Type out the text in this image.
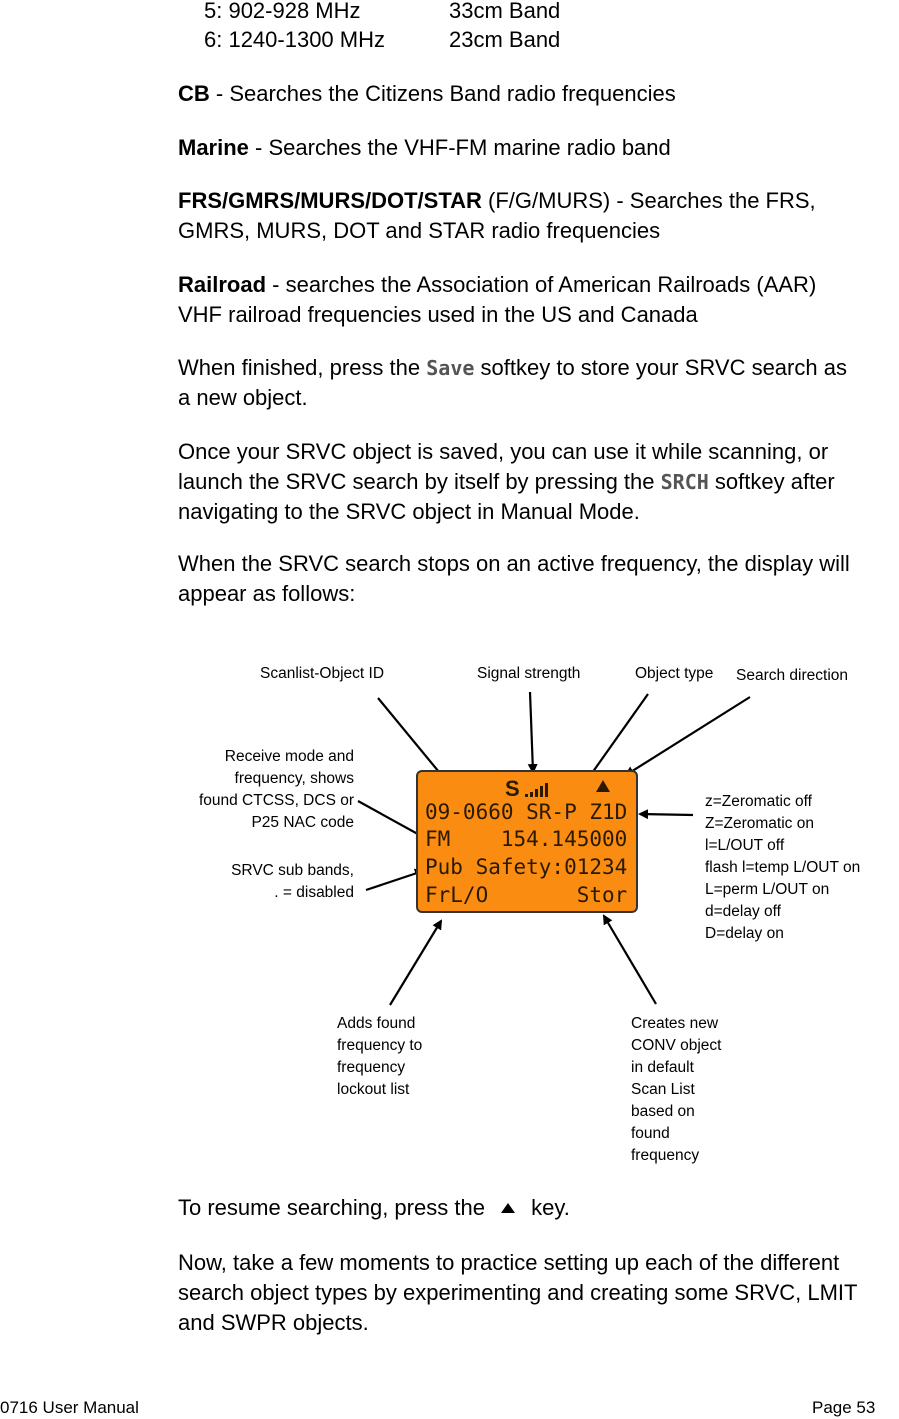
5: 902-928 MHz	33cm Band
6: 1240-1300 MHz	23cm Band
CB - Searches the Citizens Band radio frequencies
Marine - Searches the VHF-FM marine radio band
FRS/GMRS/MURS/DOT/STAR (F/G/MURS) - Searches the FRS, GMRS, MURS, DOT and STAR radio frequencies
Railroad - searches the Association of American Railroads (AAR) VHF railroad frequencies used in the US and Canada
When finished, press the Save softkey to store your SRVC search as a new object.
Once your SRVC object is saved, you can use it while scanning, or launch the SRVC search by itself by pressing the SRCH softkey after navigating to the SRVC object in Manual Mode.
When the SRVC search stops on an active frequency, the display will appear as follows:
Scanlist-Object ID	Signal strength	Object type Search direction
Receive mode and
frequency, shows
found CTCSS, DCS or
P25 NAC code
SRVC sub bands,
. = disabled
z=Zeromatic off
Z=Zeromatic on
l=L/OUT off
flash l=temp L/OUT on
L=perm L/OUT on
d=delay off
D=delay on
Adds found
frequency to
frequency
lockout list
Creates new
CONV object
in default
Scan List
based on
found
frequency
S
09-0660 SR-P Z1D
FM    154.145000
Pub Safety:01234
FrL/O       Stor
To resume searching, press the  key.
Now, take a few moments to practice setting up each of the different search object types by experimenting and creating some SRVC, LMIT and SWPR objects.
0716 User Manual	Page 53
